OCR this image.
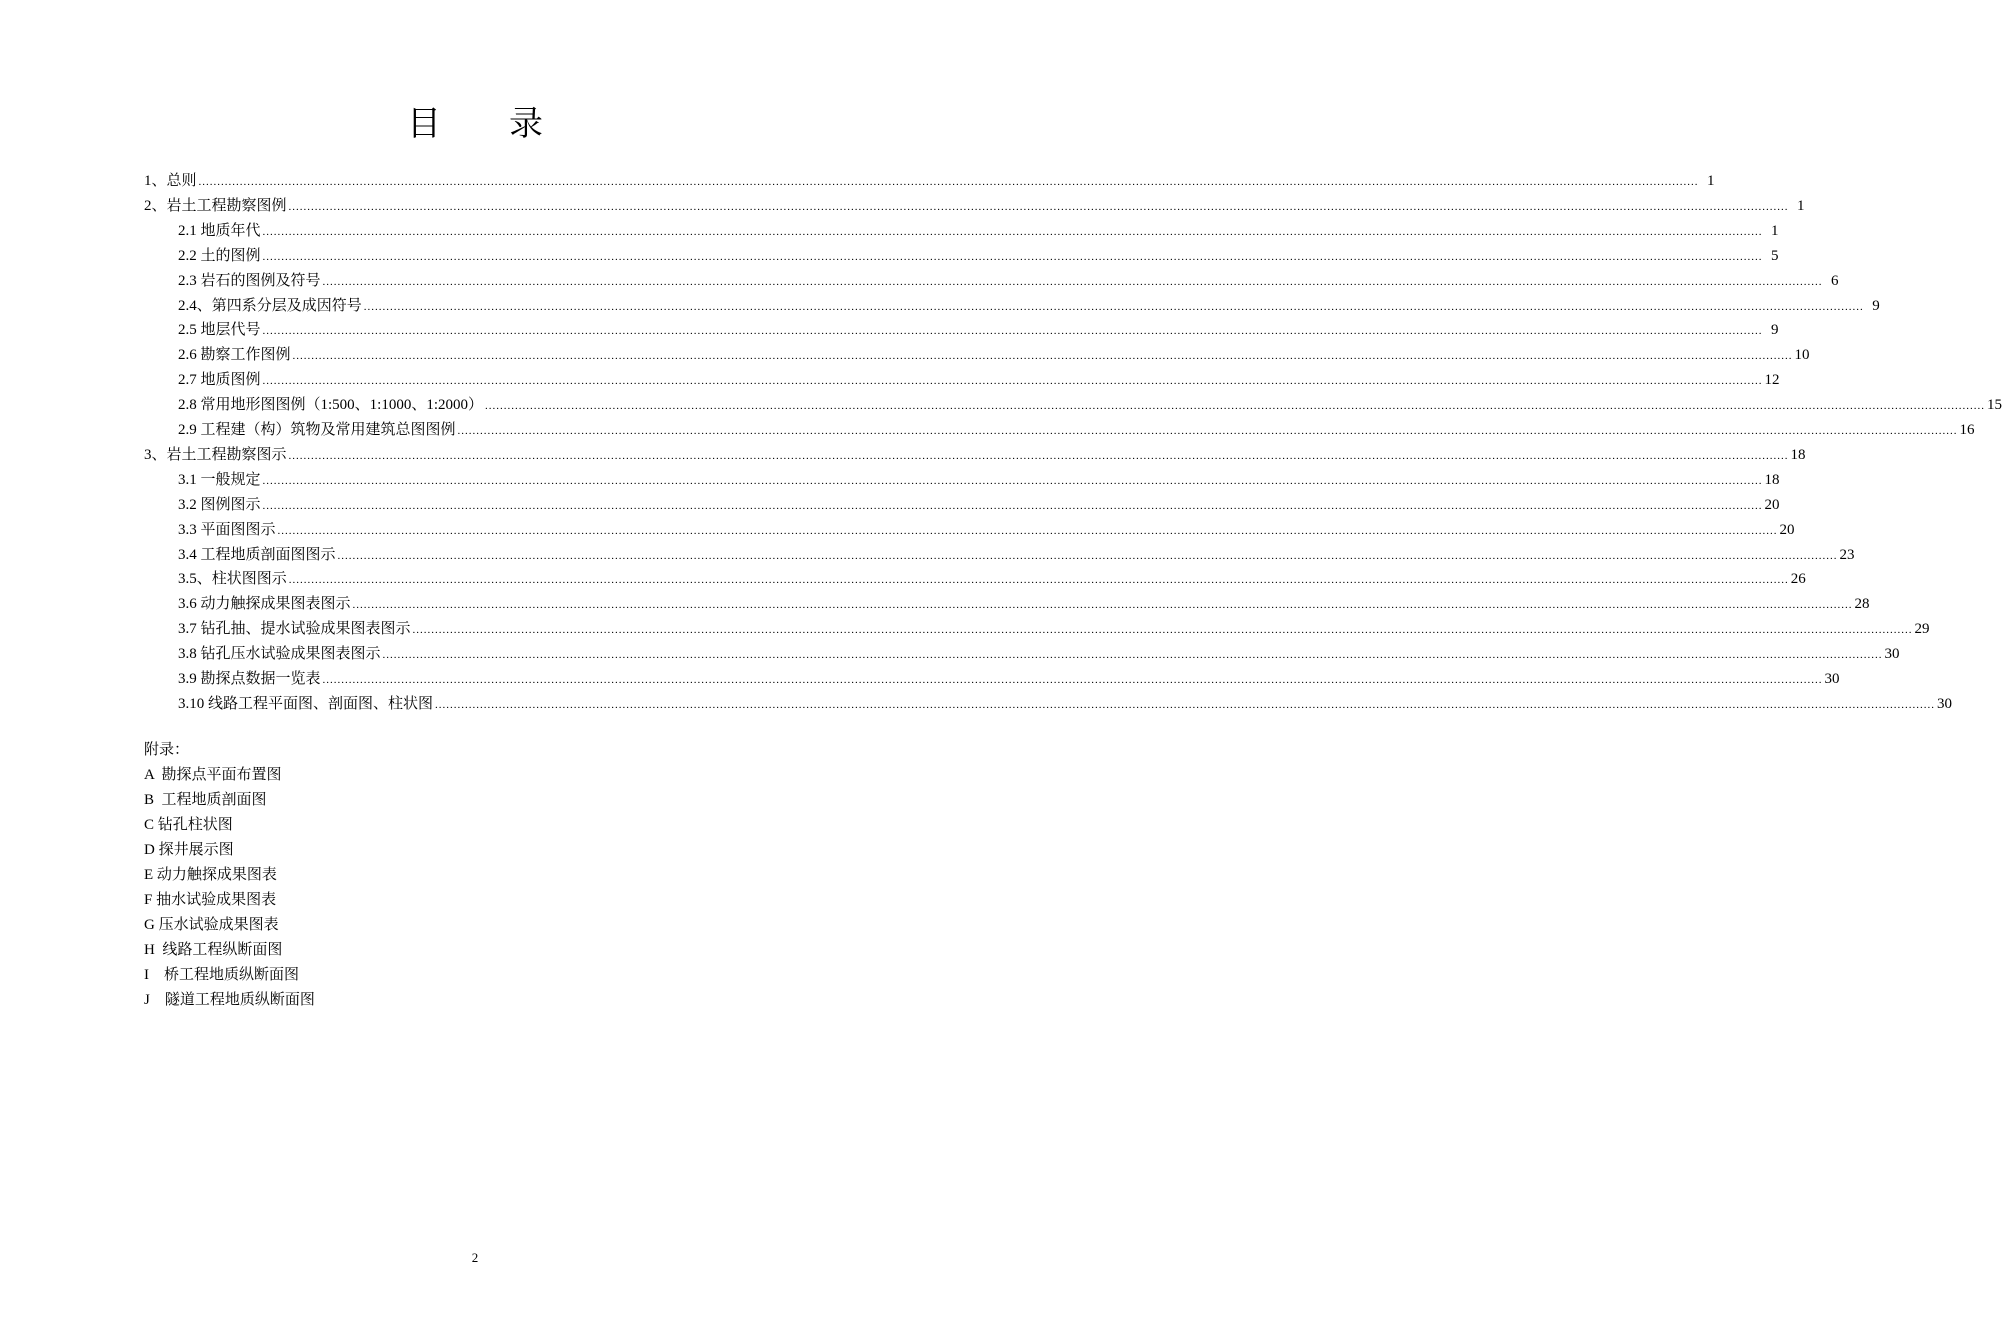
目录
1、总则 ................................................................................................................................................................................................................................................................................................................................................................................................................ 1
2、岩土工程勘察图例 ................................................................................................................................................................................................................................................................................................................................................................................................................ 1
2.1 地质年代 ................................................................................................................................................................................................................................................................................................................................................................................................................ 1
2.2 土的图例 ................................................................................................................................................................................................................................................................................................................................................................................................................ 5
2.3 岩石的图例及符号 ................................................................................................................................................................................................................................................................................................................................................................................................................ 6
2.4、第四系分层及成因符号 ................................................................................................................................................................................................................................................................................................................................................................................................................ 9
2.5 地层代号 ................................................................................................................................................................................................................................................................................................................................................................................................................ 9
2.6 勘察工作图例 ................................................................................................................................................................................................................................................................................................................................................................................................................ 10
2.7 地质图例 ................................................................................................................................................................................................................................................................................................................................................................................................................ 12
2.8 常用地形图图例（1:500、1:1000、1:2000） ................................................................................................................................................................................................................................................................................................................................................................................................................ 15
2.9 工程建（构）筑物及常用建筑总图图例 ................................................................................................................................................................................................................................................................................................................................................................................................................ 16
3、岩土工程勘察图示 ................................................................................................................................................................................................................................................................................................................................................................................................................ 18
3.1 一般规定 ................................................................................................................................................................................................................................................................................................................................................................................................................ 18
3.2 图例图示 ................................................................................................................................................................................................................................................................................................................................................................................................................ 20
3.3 平面图图示 ................................................................................................................................................................................................................................................................................................................................................................................................................ 20
3.4 工程地质剖面图图示 ................................................................................................................................................................................................................................................................................................................................................................................................................ 23
3.5、柱状图图示 ................................................................................................................................................................................................................................................................................................................................................................................................................ 26
3.6 动力触探成果图表图示 ................................................................................................................................................................................................................................................................................................................................................................................................................ 28
3.7 钻孔抽、提水试验成果图表图示 ................................................................................................................................................................................................................................................................................................................................................................................................................ 29
3.8 钻孔压水试验成果图表图示 ................................................................................................................................................................................................................................................................................................................................................................................................................ 30
3.9 勘探点数据一览表 ................................................................................................................................................................................................................................................................................................................................................................................................................ 30
3.10 线路工程平面图、剖面图、柱状图 ................................................................................................................................................................................................................................................................................................................................................................................................................ 30
附录：
A  勘探点平面布置图
B  工程地质剖面图
C 钻孔柱状图
D 探井展示图
E 动力触探成果图表
F 抽水试验成果图表
G 压水试验成果图表
H  线路工程纵断面图
I    桥工程地质纵断面图
J    隧道工程地质纵断面图
2
